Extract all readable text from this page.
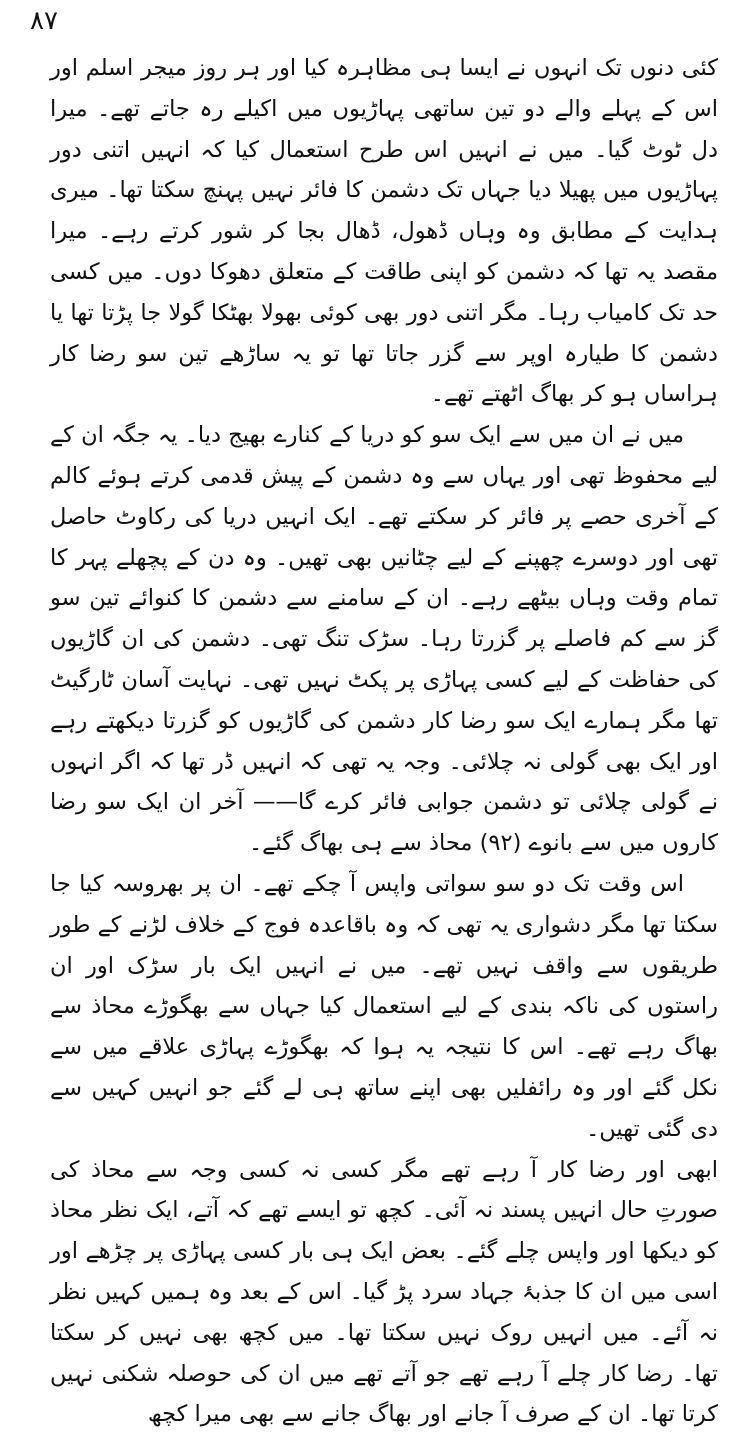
۸۷

کئی دنوں تک انہوں نے ایسا ہی مظاہرہ کیا اور ہر روز میجر اسلم اور اس کے پہلے والے دو تین ساتھی پہاڑیوں میں اکیلے رہ جاتے تھے۔ میرا دل ٹوٹ گیا۔ میں نے انہیں اس طرح استعمال کیا کہ انہیں اتنی دور پہاڑیوں میں پھیلا دیا جہاں تک دشمن کا فائر نہیں پہنچ سکتا تھا۔ میری ہدایت کے مطابق وہ وہاں ڈھول، ڈھال بجا کر شور کرتے رہے۔ میرا مقصد یہ تھا کہ دشمن کو اپنی طاقت کے متعلق دھوکا دوں۔ میں کسی حد تک کامیاب رہا۔ مگر اتنی دور بھی کوئی بھولا بھٹکا گولا جا پڑتا تھا یا دشمن کا طیارہ اوپر سے گزر جاتا تھا تو یہ ساڑھے تین سو رضا کار ہراساں ہو کر بھاگ اٹھتے تھے۔

میں نے ان میں سے ایک سو کو دریا کے کنارے بھیج دیا۔ یہ جگہ ان کے لیے محفوظ تھی اور یہاں سے وہ دشمن کے پیش قدمی کرتے ہوئے کالم کے آخری حصے پر فائر کر سکتے تھے۔ ایک انہیں دریا کی رکاوٹ حاصل تھی اور دوسرے چھپنے کے لیے چٹانیں بھی تھیں۔ وہ دن کے پچھلے پہر کا تمام وقت وہاں بیٹھے رہے۔ ان کے سامنے سے دشمن کا کنوائے تین سو گز سے کم فاصلے پر گزرتا رہا۔ سڑک تنگ تھی۔ دشمن کی ان گاڑیوں کی حفاظت کے لیے کسی پہاڑی پر پکٹ نہیں تھی۔ نہایت آسان ٹارگیٹ تھا مگر ہمارے ایک سو رضا کار دشمن کی گاڑیوں کو گزرتا دیکھتے رہے اور ایک بھی گولی نہ چلائی۔ وجہ یہ تھی کہ انہیں ڈر تھا کہ اگر انہوں نے گولی چلائی تو دشمن جوابی فائر کرے گا—— آخر ان ایک سو رضا کاروں میں سے بانوے (۹۲) محاذ سے ہی بھاگ گئے۔

اس وقت تک دو سو سواتی واپس آ چکے تھے۔ ان پر بھروسہ کیا جا سکتا تھا مگر دشواری یہ تھی کہ وہ باقاعدہ فوج کے خلاف لڑنے کے طور طریقوں سے واقف نہیں تھے۔ میں نے انہیں ایک بار سڑک اور ان راستوں کی ناکہ بندی کے لیے استعمال کیا جہاں سے بھگوڑے محاذ سے بھاگ رہے تھے۔ اس کا نتیجہ یہ ہوا کہ بھگوڑے پہاڑی علاقے میں سے نکل گئے اور وہ رائفلیں بھی اپنے ساتھ ہی لے گئے جو انہیں کہیں سے دی گئی تھیں۔

ابھی اور رضا کار آ رہے تھے مگر کسی نہ کسی وجہ سے محاذ کی صورتِ حال انہیں پسند نہ آئی۔ کچھ تو ایسے تھے کہ آتے، ایک نظر محاذ کو دیکھا اور واپس چلے گئے۔ بعض ایک ہی بار کسی پہاڑی پر چڑھے اور اسی میں ان کا جذبۂ جہاد سرد پڑ گیا۔ اس کے بعد وہ ہمیں کہیں نظر نہ آئے۔ میں انہیں روک نہیں سکتا تھا۔ میں کچھ بھی نہیں کر سکتا تھا۔ رضا کار چلے آ رہے تھے جو آتے تھے میں ان کی حوصلہ شکنی نہیں کرتا تھا۔ ان کے صرف آ جانے اور بھاگ جانے سے بھی میرا کچھ
